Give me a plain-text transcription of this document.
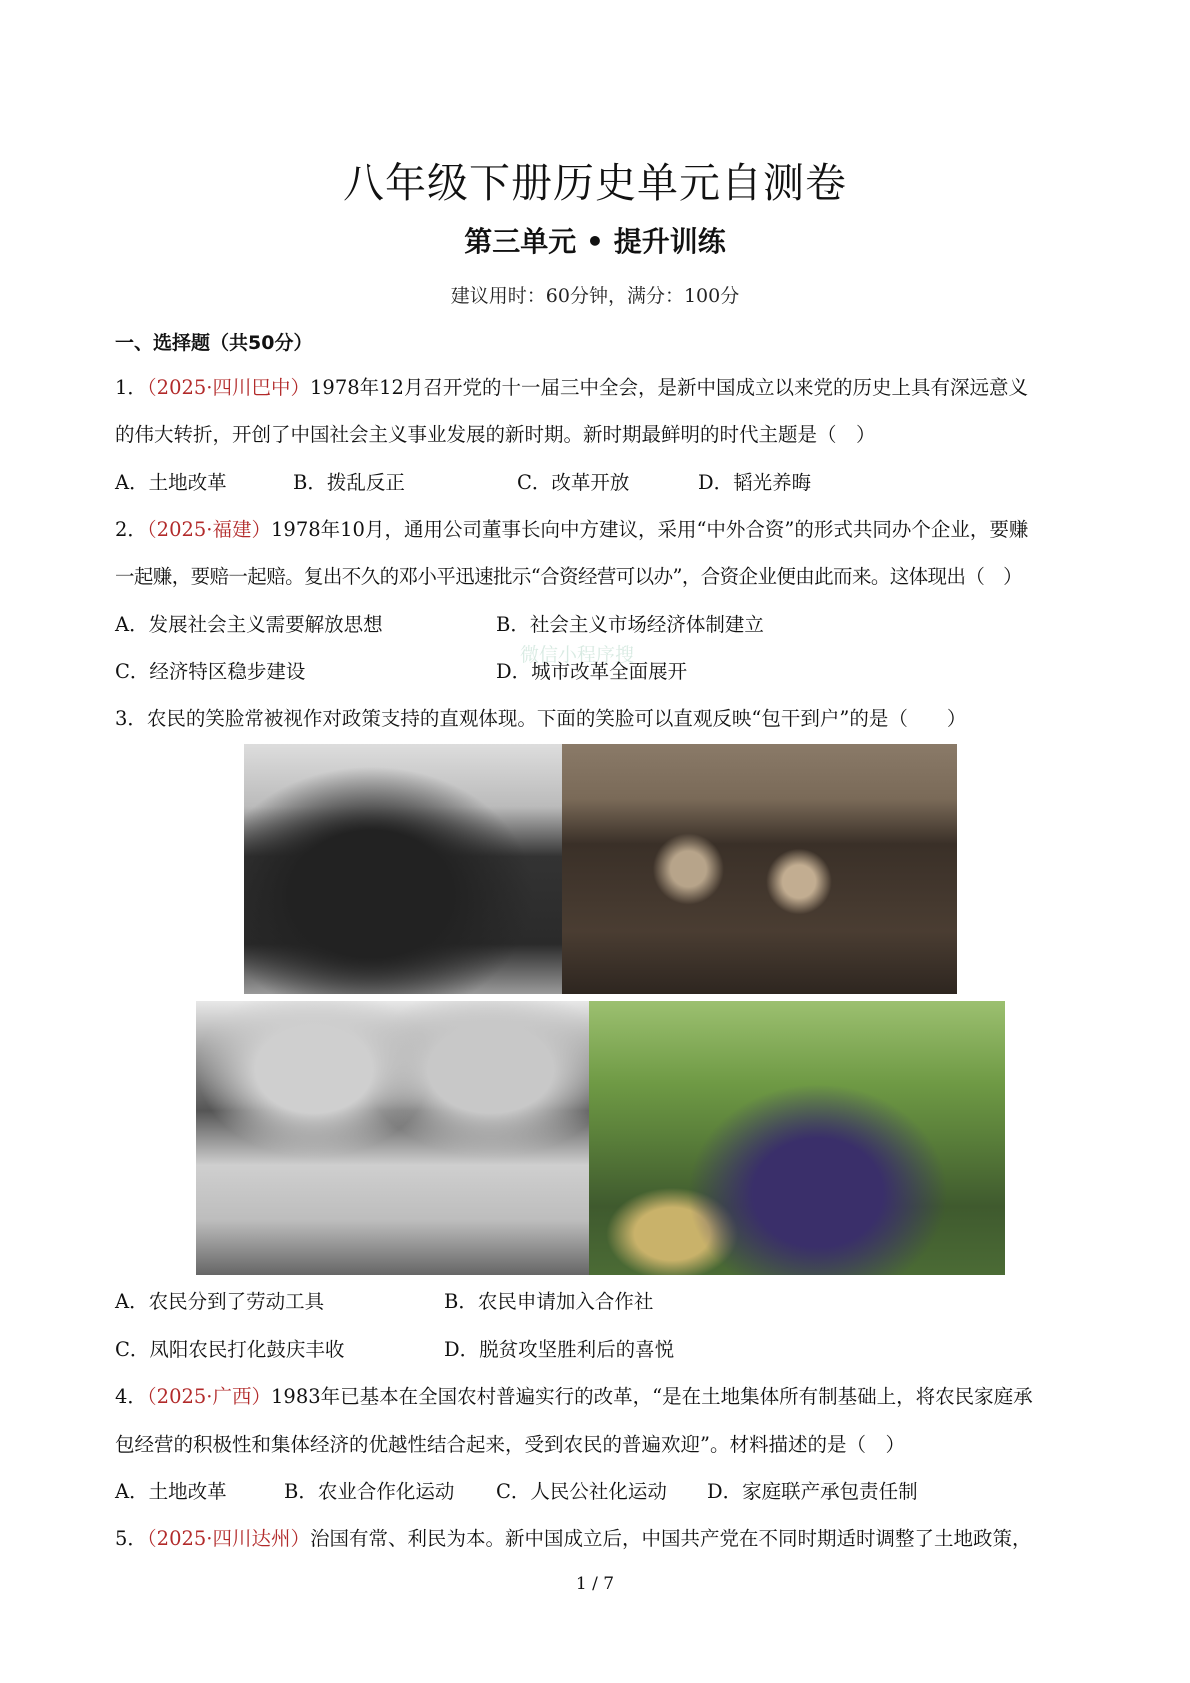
八年级下册历史单元自测卷
第三单元 • 提升训练
建议用时：60分钟，满分：100分
一、选择题（共50分）
微信小程序搜
1．（2025·四川巴中）1978年12月召开党的十一届三中全会，是新中国成立以来党的历史上具有深远意义
的伟大转折，开创了中国社会主义事业发展的新时期。新时期最鲜明的时代主题是（　）
A．土地改革	B．拨乱反正	C．改革开放	D．韬光养晦
2．（2025·福建）1978年10月，通用公司董事长向中方建议，采用“中外合资”的形式共同办个企业，要赚
一起赚，要赔一起赔。复出不久的邓小平迅速批示“合资经营可以办”，合资企业便由此而来。这体现出（　）
A．发展社会主义需要解放思想	B．社会主义市场经济体制建立
C．经济特区稳步建设	D．城市改革全面展开
3．农民的笑脸常被视作对政策支持的直观体现。下面的笑脸可以直观反映“包干到户”的是（　　）
A．农民分到了劳动工具	B．农民申请加入合作社
C．凤阳农民打化鼓庆丰收	D．脱贫攻坚胜利后的喜悦
4．（2025·广西）1983年已基本在全国农村普遍实行的改革，“是在土地集体所有制基础上，将农民家庭承
包经营的积极性和集体经济的优越性结合起来，受到农民的普遍欢迎”。材料描述的是（　）
A．土地改革	B．农业合作化运动 C．人民公社化运动 D．家庭联产承包责任制
5．（2025·四川达州）治国有常、利民为本。新中国成立后，中国共产党在不同时期适时调整了土地政策，
1 / 7
